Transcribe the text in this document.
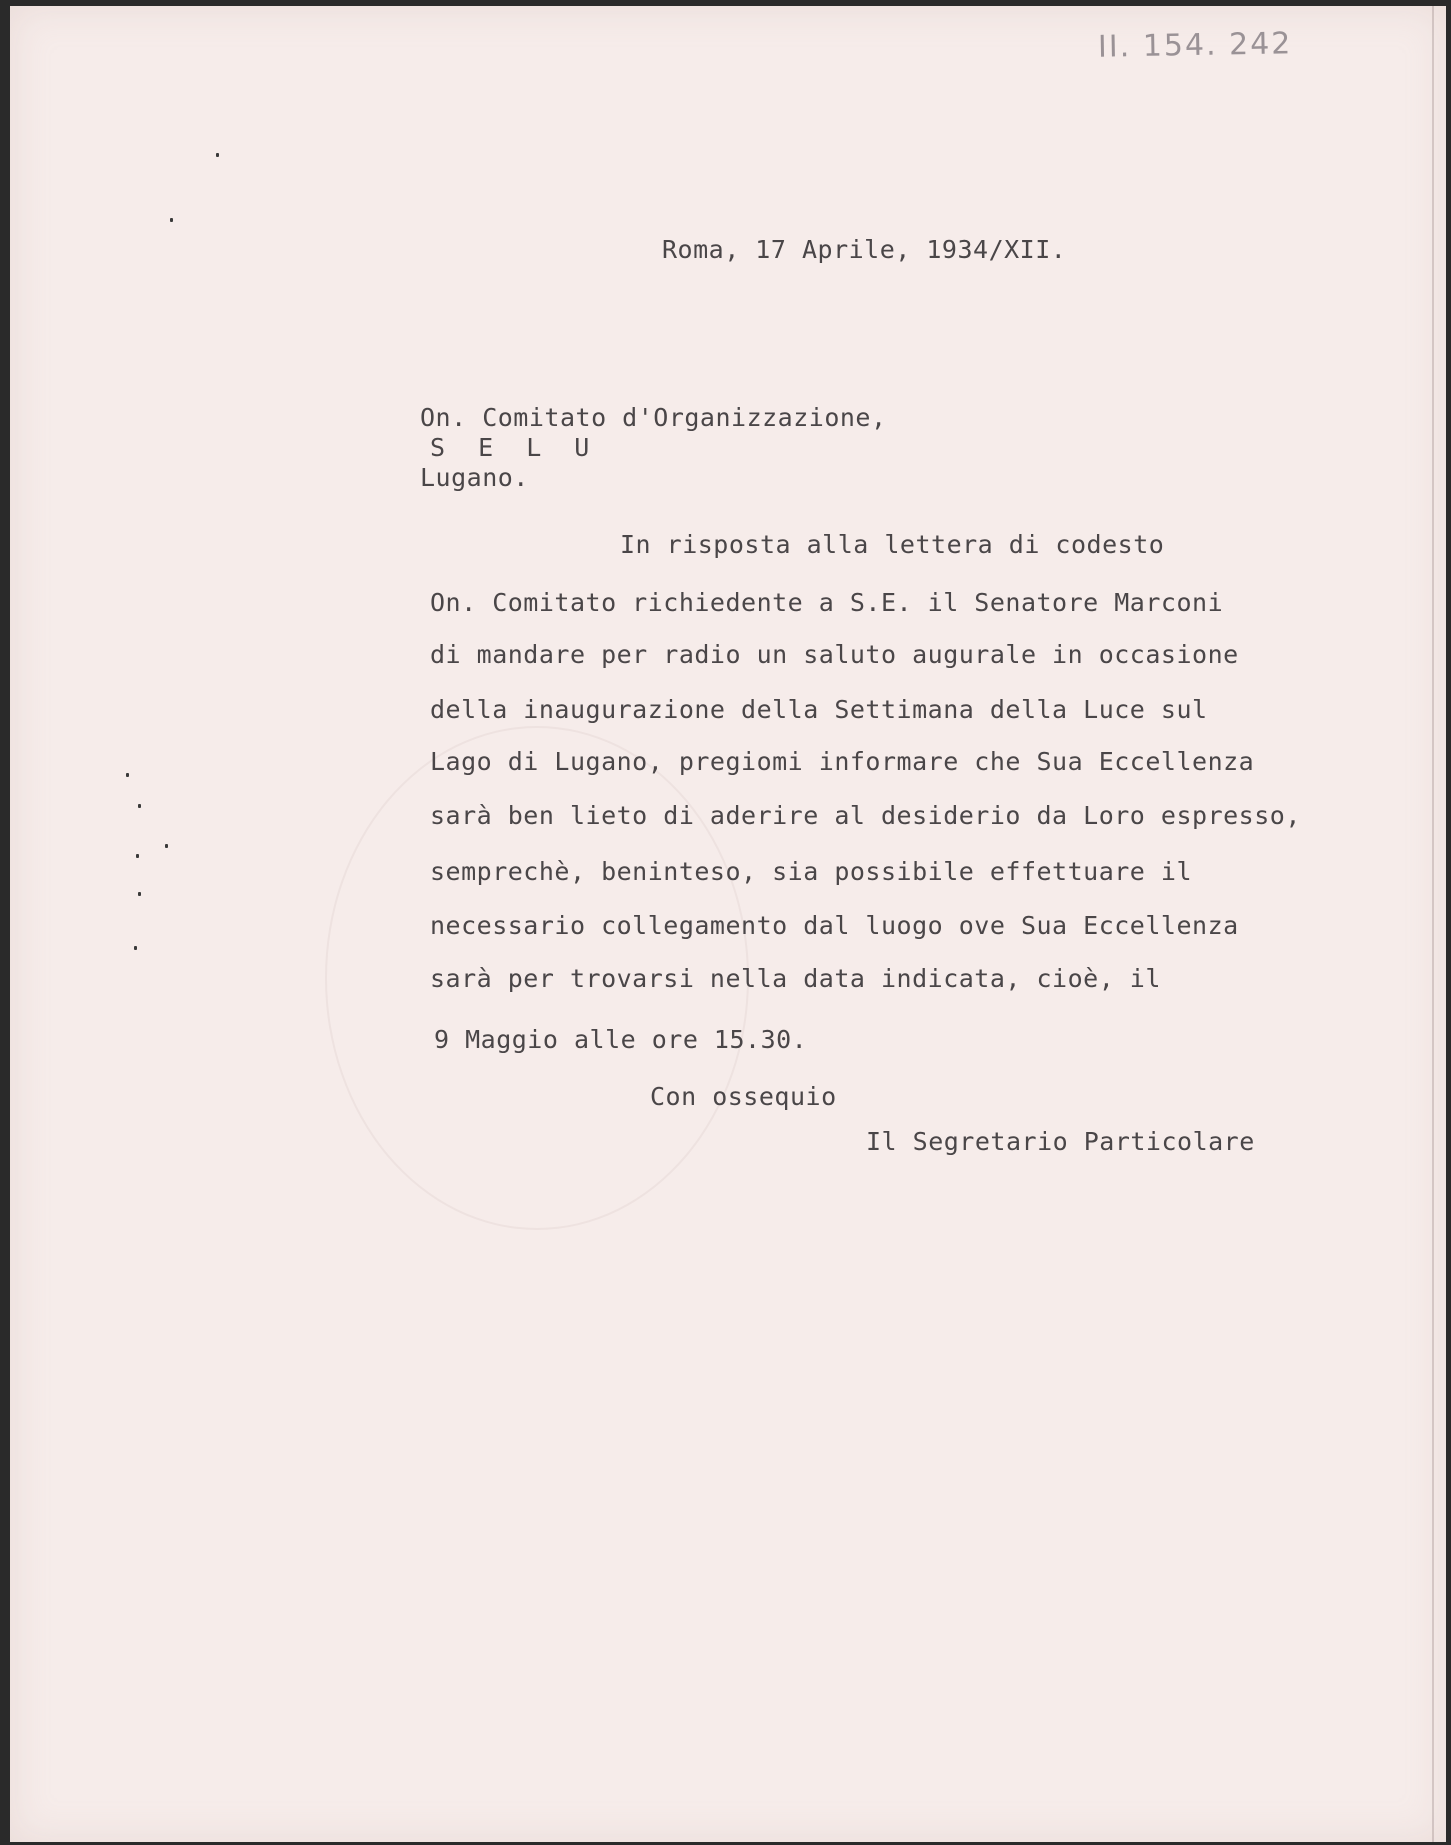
II. 154. 242
Roma, 17 Aprile, 1934/XII.
On. Comitato d'Organizzazione,
S E L U
Lugano.
In risposta alla lettera di codesto
On. Comitato richiedente a S.E. il Senatore Marconi
di mandare per radio un saluto augurale in occasione
della inaugurazione della Settimana della Luce sul
Lago di Lugano, pregiomi informare che Sua Eccellenza
sarà ben lieto di aderire al desiderio da Loro espresso,
semprechè, beninteso, sia possibile effettuare il
necessario collegamento dal luogo ove Sua Eccellenza
sarà per trovarsi nella data indicata, cioè, il
9 Maggio alle ore 15.30.
Con ossequio
Il Segretario Particolare
